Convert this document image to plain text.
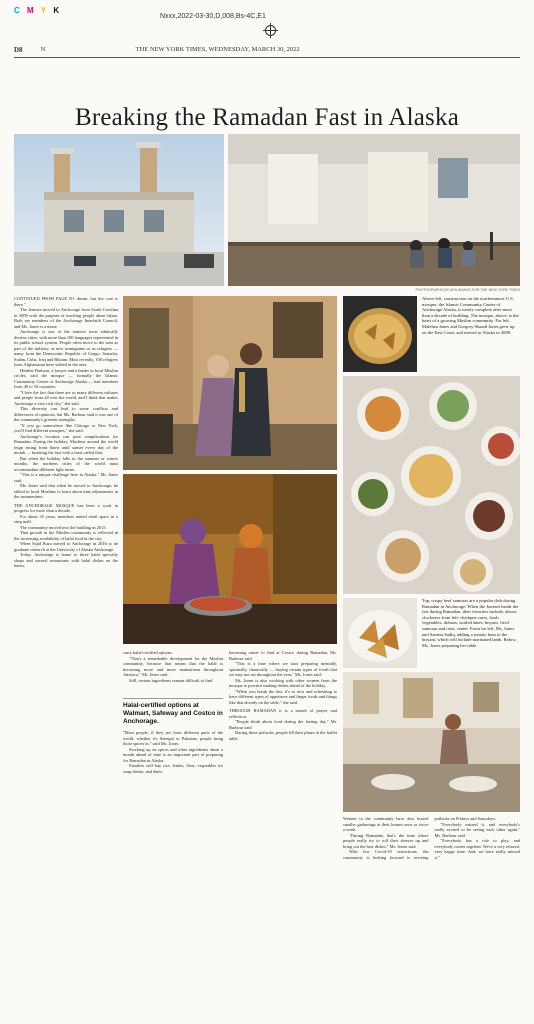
C M Y K
Nxxx,2022-03-30,D,008,Bs-4C,E1
D8	N	THE NEW YORK TIMES, WEDNESDAY, MARCH 30, 2022
Breaking the Ramadan Fast in Alaska
PHOTOGRAPHS BY ASH ADAMS FOR THE NEW YORK TIMES

CONTINUED FROM PAGE D1 dream, but the core is there."

The Joneses moved to Anchorage from South Carolina in 2009 with the purpose of teaching people about Islam. Both are members of the Anchorage Interfaith Council, and Ms. Jones is a nurse.

Anchorage is one of the nation's most ethnically diverse cities, with more than 100 languages represented in its public school system. People often move to the area as part of the military, as new immigrants or as refugees — many from the Democratic Republic of Congo, Somalia, Sudan, Cuba, Iraq and Bhutan. Most recently, 100 refugees from Afghanistan have settled in the area.

Heather Barbour, a lawyer and a leader in local Muslim circles, said the mosque — formally the Islamic Community Center of Anchorage Alaska — had members from 40 to 50 countries.

"I love the fact that there are so many different cultures and people from all over the world, and I think that makes Anchorage a very rich city," she said.

This diversity can lead to some conflicts and differences of opinions, but Ms. Barbour said it was one of the community's greatest strengths.

"If you go somewhere like Chicago or New York, you'll find different mosques," she said.

Anchorage's location can pose complications for Ramadan. During the holiday, Muslims around the world feign eating from dawn until sunset every day of the month — breaking the fast with a feast called iftar.

But when the holiday falls in the summer or winter months, the northern cities of the world must accommodate different light times.

"This is a unique challenge here in Alaska," Mr. Jones said.

Ms. Jones said that when he moved to Anchorage, he talked to local Muslims to learn about time adjustments in the summertime.

THE ANCHORAGE MOSQUE has been a work in progress for more than a decade.

For about 35 years, members rented retail space in a strip mall.

The community moved into the building in 2015.

That growth in the Muslim community is reflected in the increasing availability of halal food in the city.

When Sajid Raza moved to Anchorage in 2016 to do graduate research at the University of Alaska Anchorage.

Today, Anchorage is home to three halal specialty shops and several restaurants with halal dishes on the menu.

Above left, construction on the northernmost U.S. mosque, the Islamic Community Center of Anchorage Alaska, is nearly complete after more than a decade of building. The mosque, above, is the heart of a growing Muslim community. Far left, Malehea Jones and Gregory Shaadi Jones grew up on the East Coast, and moved to Alaska in 2009.
Top, crispy beef samosas are a popular dish during Ramadan in Anchorage. When the Joneses break the fast during Ramadan, their favorites include, above, clockwise from left: chickpea curry, fresh vegetables, dolmas, stuffed dates, biryani, fried samosas and rotis, center. From far left, Ms. Jones and Santisa Sadiq, adding a tomato base to the biryani, which will include marinated lamb. Below, Ms. Jones preparing her table.
Halal-certified options at Walmart, Safeway and Costco in Anchorage.

carry halal-certified options.

"That's a remarkable development for the Muslim community, because that means that the halal is becoming more and more mainstream throughout America," Mr. Jones said.

Still, certain ingredients remain difficult to find.

"Most people, if they are from different parts of the world, whether it's Senegal or Pakistan, people bring those spices in," said Ms. Jones.

Stocking up on spices and other ingredients about a month ahead of time is an important part of preparing for Ramadan in Alaska.

Families will buy rice, lentils, flour, vegetables for soup dishes, and dates.

becoming easier to find at Costco during Ramadan, Ms. Barbour said.

"This is a time where we start preparing mentally, spiritually, financially — buying certain types of foods that we may not eat throughout the year," Ms. Jones said.

Ms. Jones is also working with other women from the mosque to practice making dishes ahead of the holiday.

"When you break the fast, it's so nice and refreshing to have different types of appetizers and finger foods and things like that already on the table," she said.

THROUGH RAMADAN it is a month of prayer and reflection.

"People think about food during the fasting day," Mr. Barbour said.

During these potlucks, people fill their plates at the buffet table.

Women in the community have also hosted smaller gatherings at their homes once or twice a week.

"During Ramadan, that's the time where people really try to roll their sleeves up and bring out the best dishes," Ms. Jones said.

With few Covid-19 restrictions, the community is looking forward to reviving potlucks on Fridays and Saturdays.

"Everybody missed it, and everybody's really excited to be seeing each other again," Ms. Barbour said.

"Everybody has a role to play, and everybody comes together. We're a very relaxed, very happy time. And, we have really missed it."
